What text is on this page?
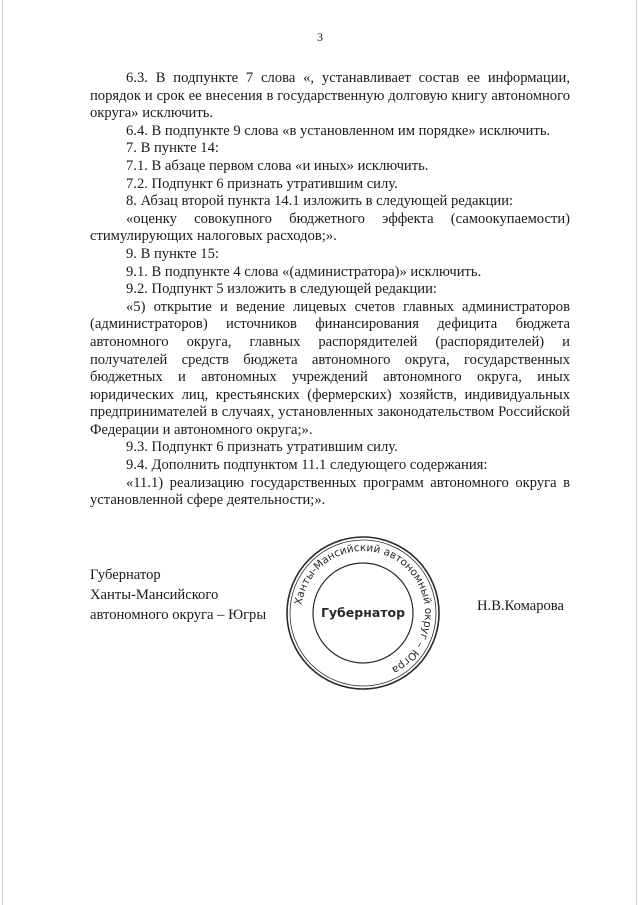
3

6.3. В подпункте 7 слова «, устанавливает состав ее информации, порядок и срок ее внесения в государственную долговую книгу автономного округа» исключить.

6.4. В подпункте 9 слова «в установленном им порядке» исключить.

7. В пункте 14:

7.1. В абзаце первом слова «и иных» исключить.

7.2. Подпункт 6 признать утратившим силу.

8. Абзац второй пункта 14.1 изложить в следующей редакции:

«оценку совокупного бюджетного эффекта (самоокупаемости) стимулирующих налоговых расходов;».

9. В пункте 15:

9.1. В подпункте 4 слова «(администратора)» исключить.

9.2. Подпункт 5 изложить в следующей редакции:

«5) открытие и ведение лицевых счетов главных администраторов (администраторов) источников финансирования дефицита бюджета автономного округа, главных распорядителей (распорядителей) и получателей средств бюджета автономного округа, государственных бюджетных и автономных учреждений автономного округа, иных юридических лиц, крестьянских (фермерских) хозяйств, индивидуальных предпринимателей в случаях, установленных законодательством Российской Федерации и автономного округа;».

9.3. Подпункт 6 признать утратившим силу.

9.4. Дополнить подпунктом 11.1 следующего содержания:

«11.1) реализацию государственных программ автономного округа в установленной сфере деятельности;».

Губернатор
Ханты-Мансийского
автономного округа – Югры
Ханты-Мансийский автономный округ – Югра
Губернатор	Н.В.Комарова
